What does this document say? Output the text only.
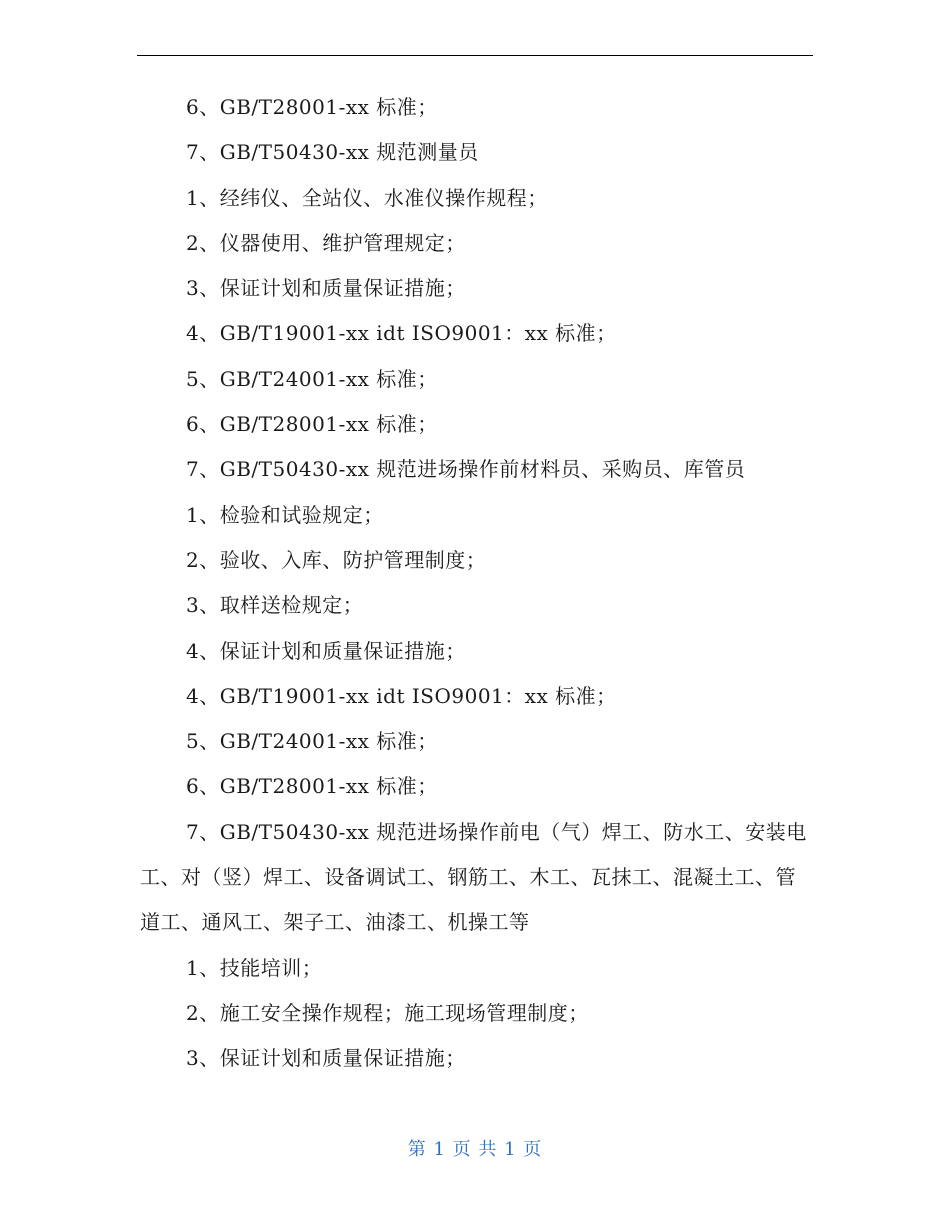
6、GB/T28001-xx 标准；

7、GB/T50430-xx 规范测量员

1、经纬仪、全站仪、水准仪操作规程；

2、仪器使用、维护管理规定；

3、保证计划和质量保证措施；

4、GB/T19001-xx idt ISO9001：xx 标准；

5、GB/T24001-xx 标准；

6、GB/T28001-xx 标准；

7、GB/T50430-xx 规范进场操作前材料员、采购员、库管员

1、检验和试验规定；

2、验收、入库、防护管理制度；

3、取样送检规定；

4、保证计划和质量保证措施；

4、GB/T19001-xx idt ISO9001：xx 标准；

5、GB/T24001-xx 标准；

6、GB/T28001-xx 标准；

7、GB/T50430-xx 规范进场操作前电（气）焊工、防水工、安装电工、对（竖）焊工、设备调试工、钢筋工、木工、瓦抹工、混凝土工、管道工、通风工、架子工、油漆工、机操工等

1、技能培训；

2、施工安全操作规程；施工现场管理制度；

3、保证计划和质量保证措施；

第 1 页 共 1 页
